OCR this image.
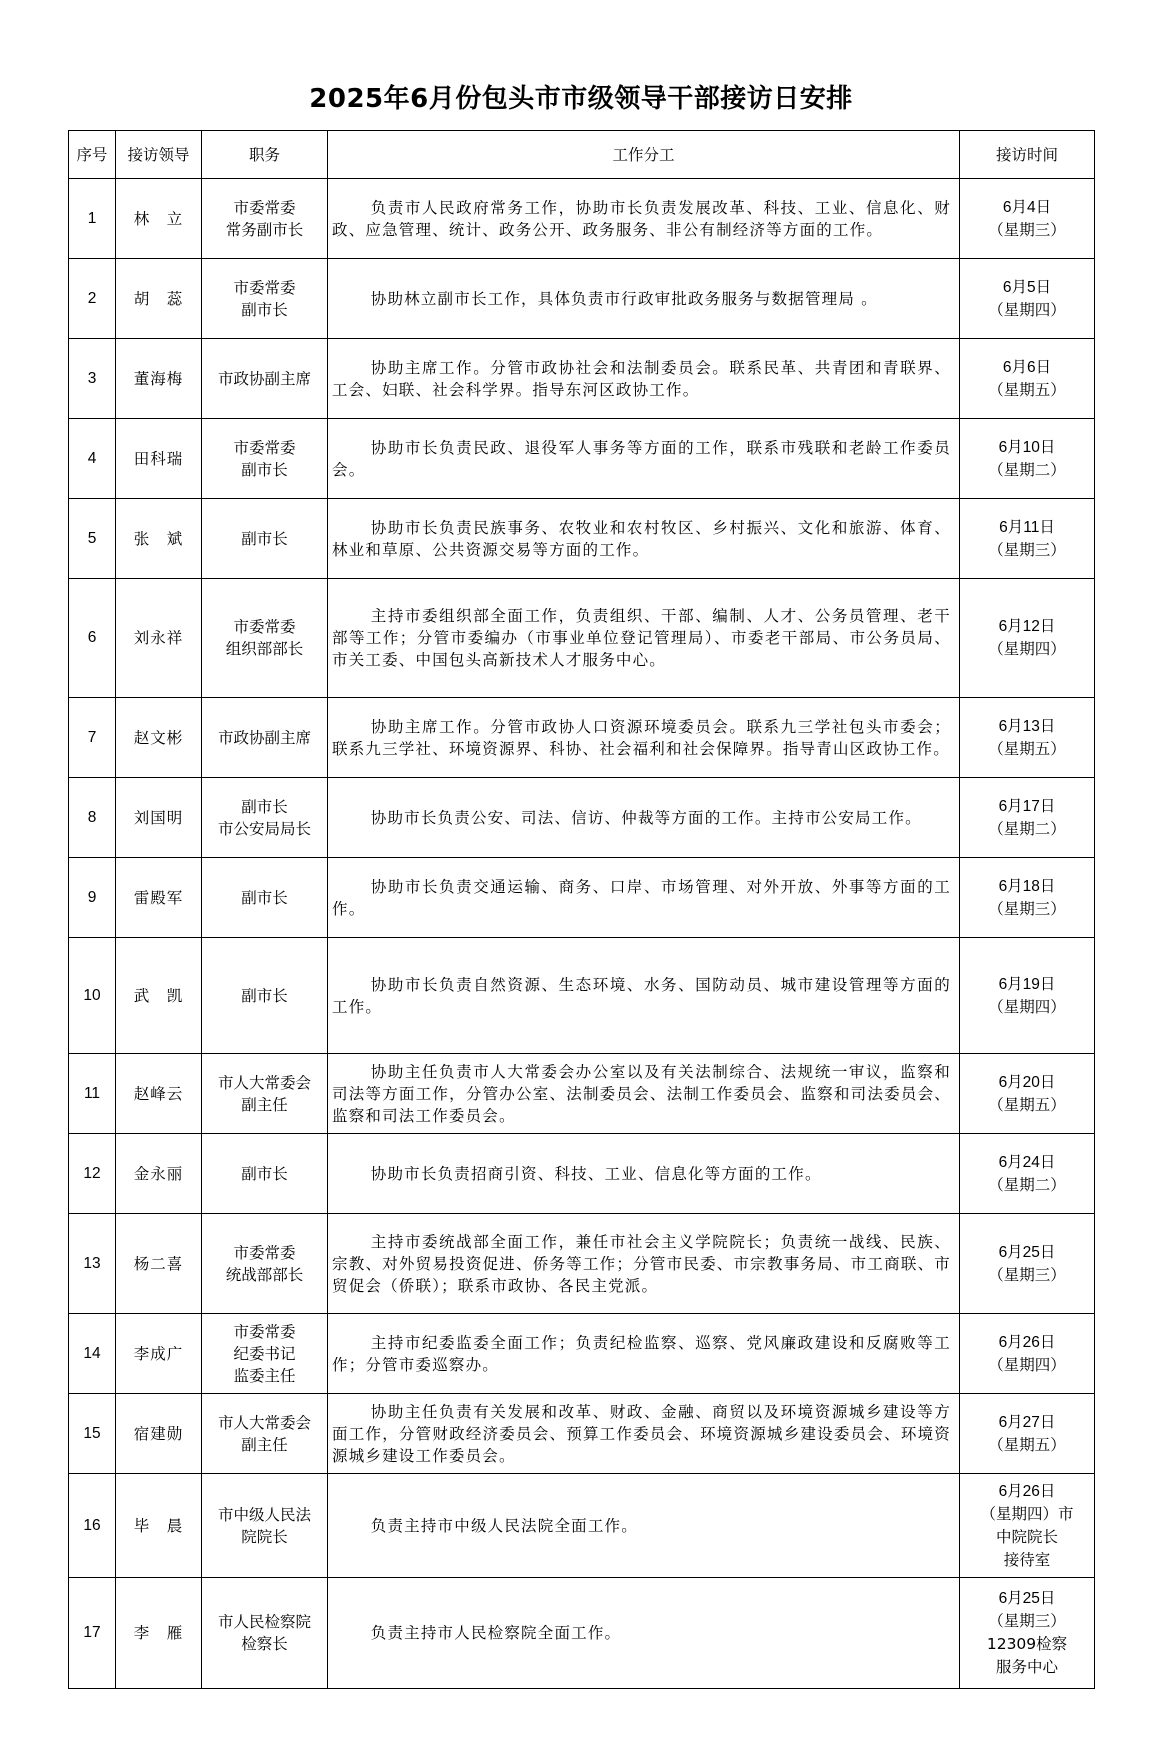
2025年6月份包头市市级领导干部接访日安排
序号	接访领导	职务	工作分工	接访时间
1	林　立	市委常委
常务副市长	负责市人民政府常务工作，协助市长负责发展改革、科技、工业、信息化、财政、应急管理、统计、政务公开、政务服务、非公有制经济等方面的工作。	6月4日
（星期三）

2	胡　蕊	市委常委
副市长	协助林立副市长工作，具体负责市行政审批政务服务与数据管理局 。	6月5日
（星期四）

3	董海梅	市政协副主席	协助主席工作。分管市政协社会和法制委员会。联系民革、共青团和青联界、工会、妇联、社会科学界。指导东河区政协工作。	6月6日
（星期五）

4	田科瑞	市委常委
副市长	协助市长负责民政、退役军人事务等方面的工作，联系市残联和老龄工作委员会。	6月10日
（星期二）

5	张　斌	副市长	协助市长负责民族事务、农牧业和农村牧区、乡村振兴、文化和旅游、体育、林业和草原、公共资源交易等方面的工作。	6月11日
（星期三）

6	刘永祥	市委常委
组织部部长	主持市委组织部全面工作，负责组织、干部、编制、人才、公务员管理、老干部等工作；分管市委编办（市事业单位登记管理局）、市委老干部局、市公务员局、市关工委、中国包头高新技术人才服务中心。	6月12日
（星期四）

7	赵文彬	市政协副主席	协助主席工作。分管市政协人口资源环境委员会。联系九三学社包头市委会；联系九三学社、环境资源界、科协、社会福利和社会保障界。指导青山区政协工作。	6月13日
（星期五）

8	刘国明	副市长
市公安局局长	协助市长负责公安、司法、信访、仲裁等方面的工作。主持市公安局工作。	6月17日
（星期二）

9	雷殿军	副市长	协助市长负责交通运输、商务、口岸、市场管理、对外开放、外事等方面的工作。	6月18日
（星期三）

10	武　凯	副市长	协助市长负责自然资源、生态环境、水务、国防动员、城市建设管理等方面的工作。	6月19日
（星期四）

11	赵峰云	市人大常委会
副主任	协助主任负责市人大常委会办公室以及有关法制综合、法规统一审议，监察和司法等方面工作，分管办公室、法制委员会、法制工作委员会、监察和司法委员会、监察和司法工作委员会。	6月20日
（星期五）

12	金永丽	副市长	协助市长负责招商引资、科技、工业、信息化等方面的工作。	6月24日
（星期二）

13	杨二喜	市委常委
统战部部长	主持市委统战部全面工作，兼任市社会主义学院院长；负责统一战线、民族、宗教、对外贸易投资促进、侨务等工作；分管市民委、市宗教事务局、市工商联、市贸促会（侨联）；联系市政协、各民主党派。	6月25日
（星期三）

14	李成广	市委常委
纪委书记
监委主任	主持市纪委监委全面工作；负责纪检监察、巡察、党风廉政建设和反腐败等工作；分管市委巡察办。	6月26日
（星期四）

15	宿建勋	市人大常委会
副主任	协助主任负责有关发展和改革、财政、金融、商贸以及环境资源城乡建设等方面工作，分管财政经济委员会、预算工作委员会、环境资源城乡建设委员会、环境资源城乡建设工作委员会。	6月27日
（星期五）

16	毕　晨	市中级人民法
院院长	负责主持市中级人民法院全面工作。	6月26日
（星期四）市
中院院长
接待室

17	李　雁	市人民检察院
检察长	负责主持市人民检察院全面工作。	6月25日
（星期三）
12309检察
服务中心
